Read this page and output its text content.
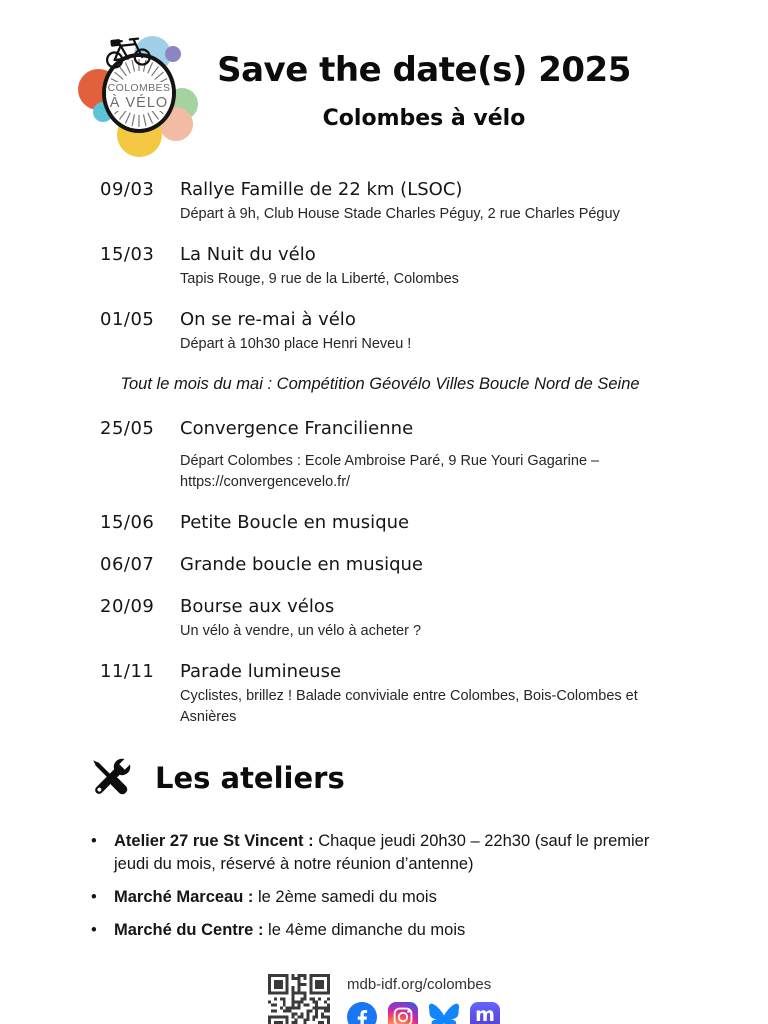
COLOMBES
À VÉLO
Save the date(s) 2025
Colombes à vélo
09/03	Rallye Famille de 22 km (LSOC)
Départ à 9h, Club House Stade Charles Péguy, 2 rue Charles Péguy
15/03	La Nuit du vélo
Tapis Rouge, 9 rue de la Liberté, Colombes
01/05	On se re-mai à vélo
Départ à 10h30 place Henri Neveu !
Tout le mois du mai : Compétition Géovélo Villes Boucle Nord de Seine
25/05	Convergence Francilienne
Départ Colombes : Ecole Ambroise Paré, 9 Rue Youri Gagarine –
https://convergencevelo.fr/
15/06	Petite Boucle en musique
06/07	Grande boucle en musique
20/09	Bourse aux vélos
Un vélo à vendre, un vélo à acheter ?
11/11	Parade lumineuse
Cyclistes, brillez ! Balade conviviale entre Colombes, Bois-Colombes et Asnières
Les ateliers
• Atelier 27 rue St Vincent : Chaque jeudi 20h30 – 22h30 (sauf le premier jeudi du mois, réservé à notre réunion d’antenne)
• Marché Marceau : le 2ème samedi du mois
• Marché du Centre : le 4ème dimanche du mois
mdb-idf.org/colombes
m
